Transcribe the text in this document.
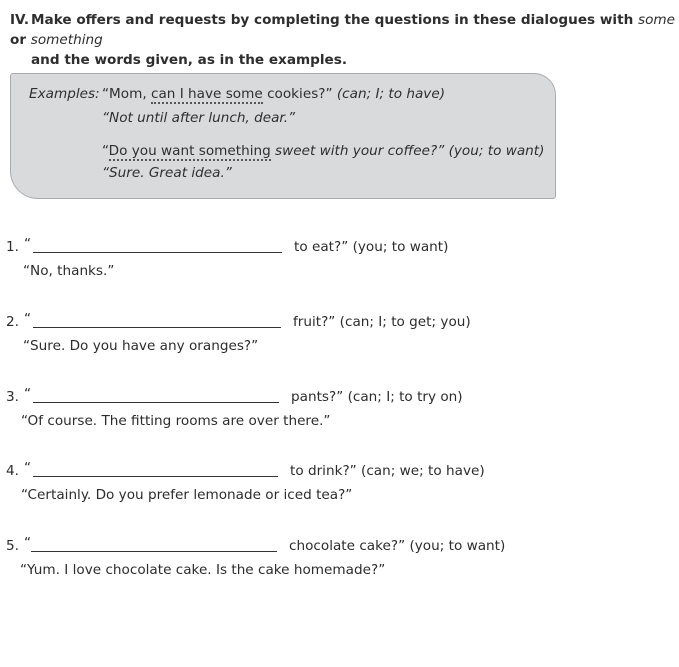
IV. Make offers and requests by completing the questions in these dialogues with some or something
and the words given, as in the examples.
Examples: “Mom, can I have some cookies?” (can; I; to have)
“Not until after lunch, dear.”
“Do you want something sweet with your coffee?” (you; to want)
“Sure. Great idea.”
1. “	to eat?” (you; to want)
“No, thanks.”
2. “	fruit?” (can; I; to get; you)
“Sure. Do you have any oranges?”
3. “	pants?” (can; I; to try on)
“Of course. The fitting rooms are over there.”
4. “	to drink?” (can; we; to have)
“Certainly. Do you prefer lemonade or iced tea?”
5. “	chocolate cake?” (you; to want)
“Yum. I love chocolate cake. Is the cake homemade?”
